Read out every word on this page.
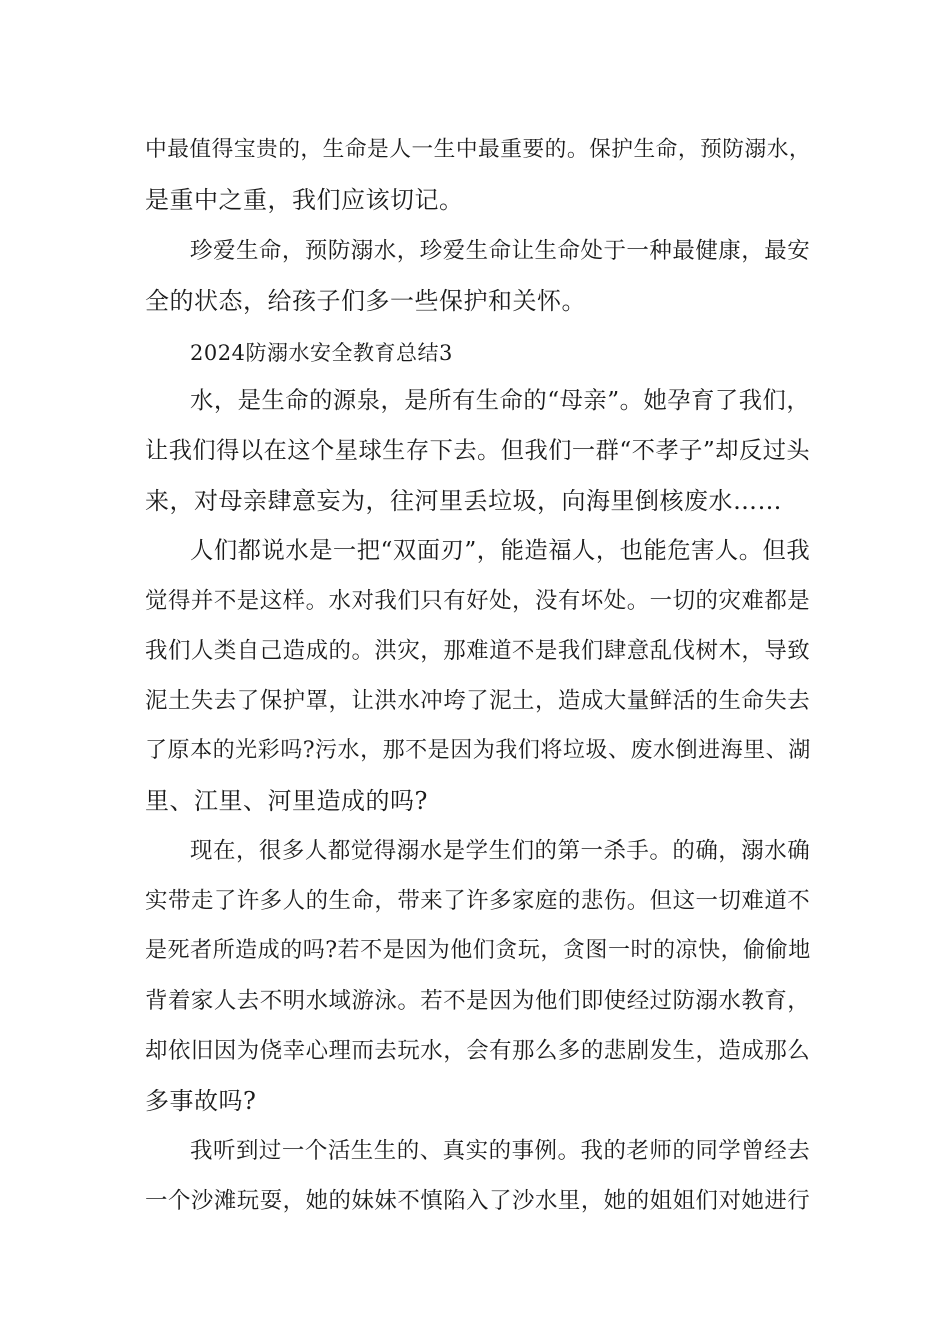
中最值得宝贵的，生命是人一生中最重要的。保护生命，预防溺水，
是重中之重，我们应该切记。
珍爱生命，预防溺水，珍爱生命让生命处于一种最健康，最安
全的状态，给孩子们多一些保护和关怀。
2024防溺水安全教育总结3
水，是生命的源泉，是所有生命的“母亲”。她孕育了我们，
让我们得以在这个星球生存下去。但我们一群“不孝子”却反过头
来，对母亲肆意妄为，往河里丢垃圾，向海里倒核废水……
人们都说水是一把“双面刃”，能造福人，也能危害人。但我
觉得并不是这样。水对我们只有好处，没有坏处。一切的灾难都是
我们人类自己造成的。洪灾，那难道不是我们肆意乱伐树木，导致
泥土失去了保护罩，让洪水冲垮了泥土，造成大量鲜活的生命失去
了原本的光彩吗?污水，那不是因为我们将垃圾、废水倒进海里、湖
里、江里、河里造成的吗?
现在，很多人都觉得溺水是学生们的第一杀手。的确，溺水确
实带走了许多人的生命，带来了许多家庭的悲伤。但这一切难道不
是死者所造成的吗?若不是因为他们贪玩，贪图一时的凉快，偷偷地
背着家人去不明水域游泳。若不是因为他们即使经过防溺水教育，
却依旧因为侥幸心理而去玩水，会有那么多的悲剧发生，造成那么
多事故吗?
我听到过一个活生生的、真实的事例。我的老师的同学曾经去
一个沙滩玩耍，她的妹妹不慎陷入了沙水里，她的姐姐们对她进行
